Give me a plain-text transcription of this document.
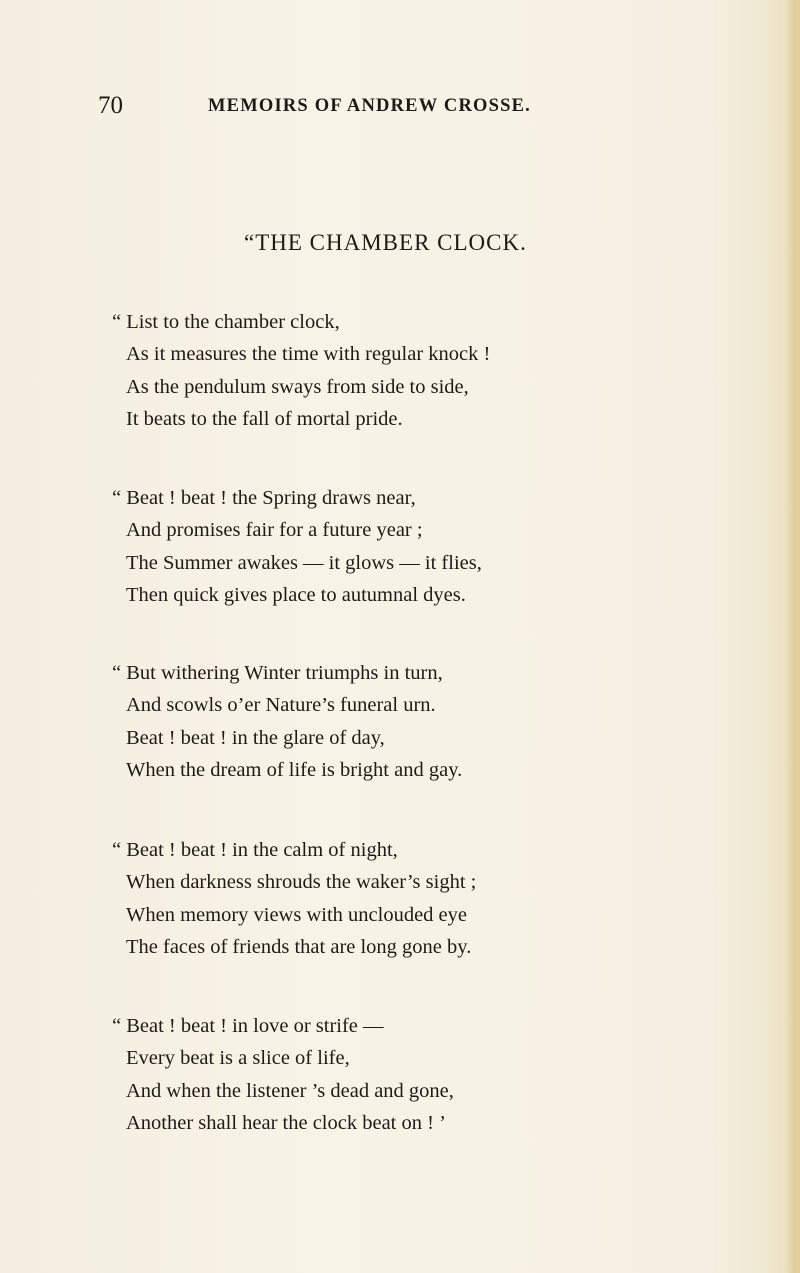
70	MEMOIRS OF ANDREW CROSSE.
“THE CHAMBER CLOCK.
“ List to the chamber clock,
As it measures the time with regular knock !
As the pendulum sways from side to side,
It beats to the fall of mortal pride.
“ Beat ! beat ! the Spring draws near,
And promises fair for a future year ;
The Summer awakes — it glows — it flies,
Then quick gives place to autumnal dyes.
“ But withering Winter triumphs in turn,
And scowls o’er Nature’s funeral urn.
Beat ! beat ! in the glare of day,
When the dream of life is bright and gay.
“ Beat ! beat ! in the calm of night,
When darkness shrouds the waker’s sight ;
When memory views with unclouded eye
The faces of friends that are long gone by.
“ Beat ! beat ! in love or strife —
Every beat is a slice of life,
And when the listener ’s dead and gone,
Another shall hear the clock beat on ! ’
